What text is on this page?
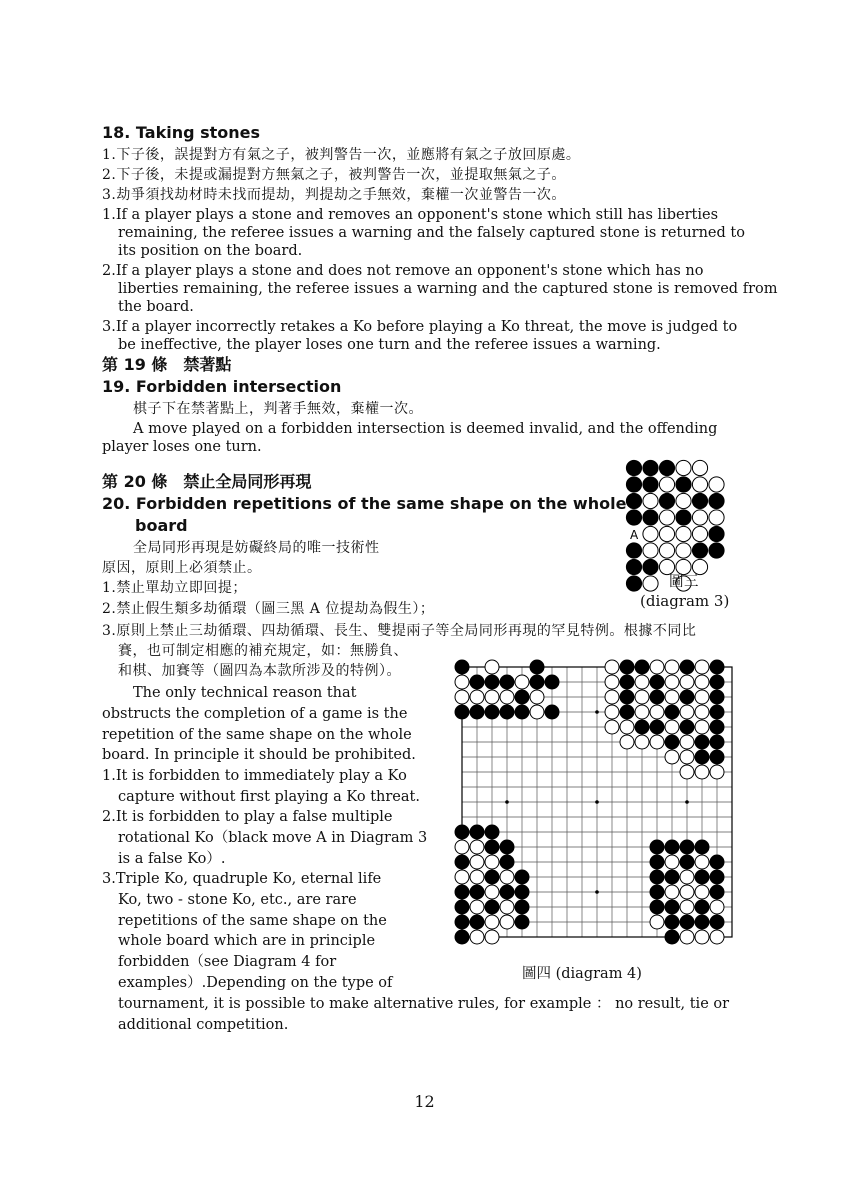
18. Taking stones
1.下子後，誤提對方有氣之子，被判警告一次，並應將有氣之子放回原處。
2.下子後，未提或漏提對方無氣之子，被判警告一次，並提取無氣之子。
3.劫爭須找劫材時未找而提劫，判提劫之手無效，棄權一次並警告一次。
1.If a player plays a stone and removes an opponent's stone which still has liberties
remaining, the referee issues a warning and the falsely captured stone is returned to
its position on the board.
2.If a player plays a stone and does not remove an opponent's stone which has no
liberties remaining, the referee issues a warning and the captured stone is removed from
the board.
3.If a player incorrectly retakes a Ko before playing a Ko threat, the move is judged to
be ineffective, the player loses one turn and the referee issues a warning.
第 19 條　禁著點
19. Forbidden intersection
棋子下在禁著點上，判著手無效，棄權一次。
A move played on a forbidden intersection is deemed invalid, and the offending
player loses one turn.
第 20 條　禁止全局同形再現
20. Forbidden repetitions of the same shape on the whole
board
全局同形再現是妨礙終局的唯一技術性
原因，原則上必須禁止。
1.禁止單劫立即回提；
2.禁止假生類多劫循環（圖三黑 A 位提劫為假生）；
3.原則上禁止三劫循環、四劫循環、長生、雙提兩子等全局同形再現的罕見特例。根據不同比
賽，也可制定相應的補充規定，如：無勝負、
和棋、加賽等（圖四為本款所涉及的特例）。
The only technical reason that
obstructs the completion of a game is the
repetition of the same shape on the whole
board. In principle it should be prohibited.
1.It is forbidden to immediately play a Ko
capture without first playing a Ko threat.
2.It is forbidden to play a false multiple
rotational Ko（black move A in Diagram 3
is a false Ko）.
3.Triple Ko, quadruple Ko, eternal life
Ko, two - stone Ko, etc., are rare
repetitions of the same shape on the
whole board which are in principle
forbidden（see Diagram 4 for
examples）.Depending on the type of
tournament, it is possible to make alternative rules, for example ： no result, tie or
additional competition.
A
圖三
(diagram 3)
圖四 (diagram 4)
12
